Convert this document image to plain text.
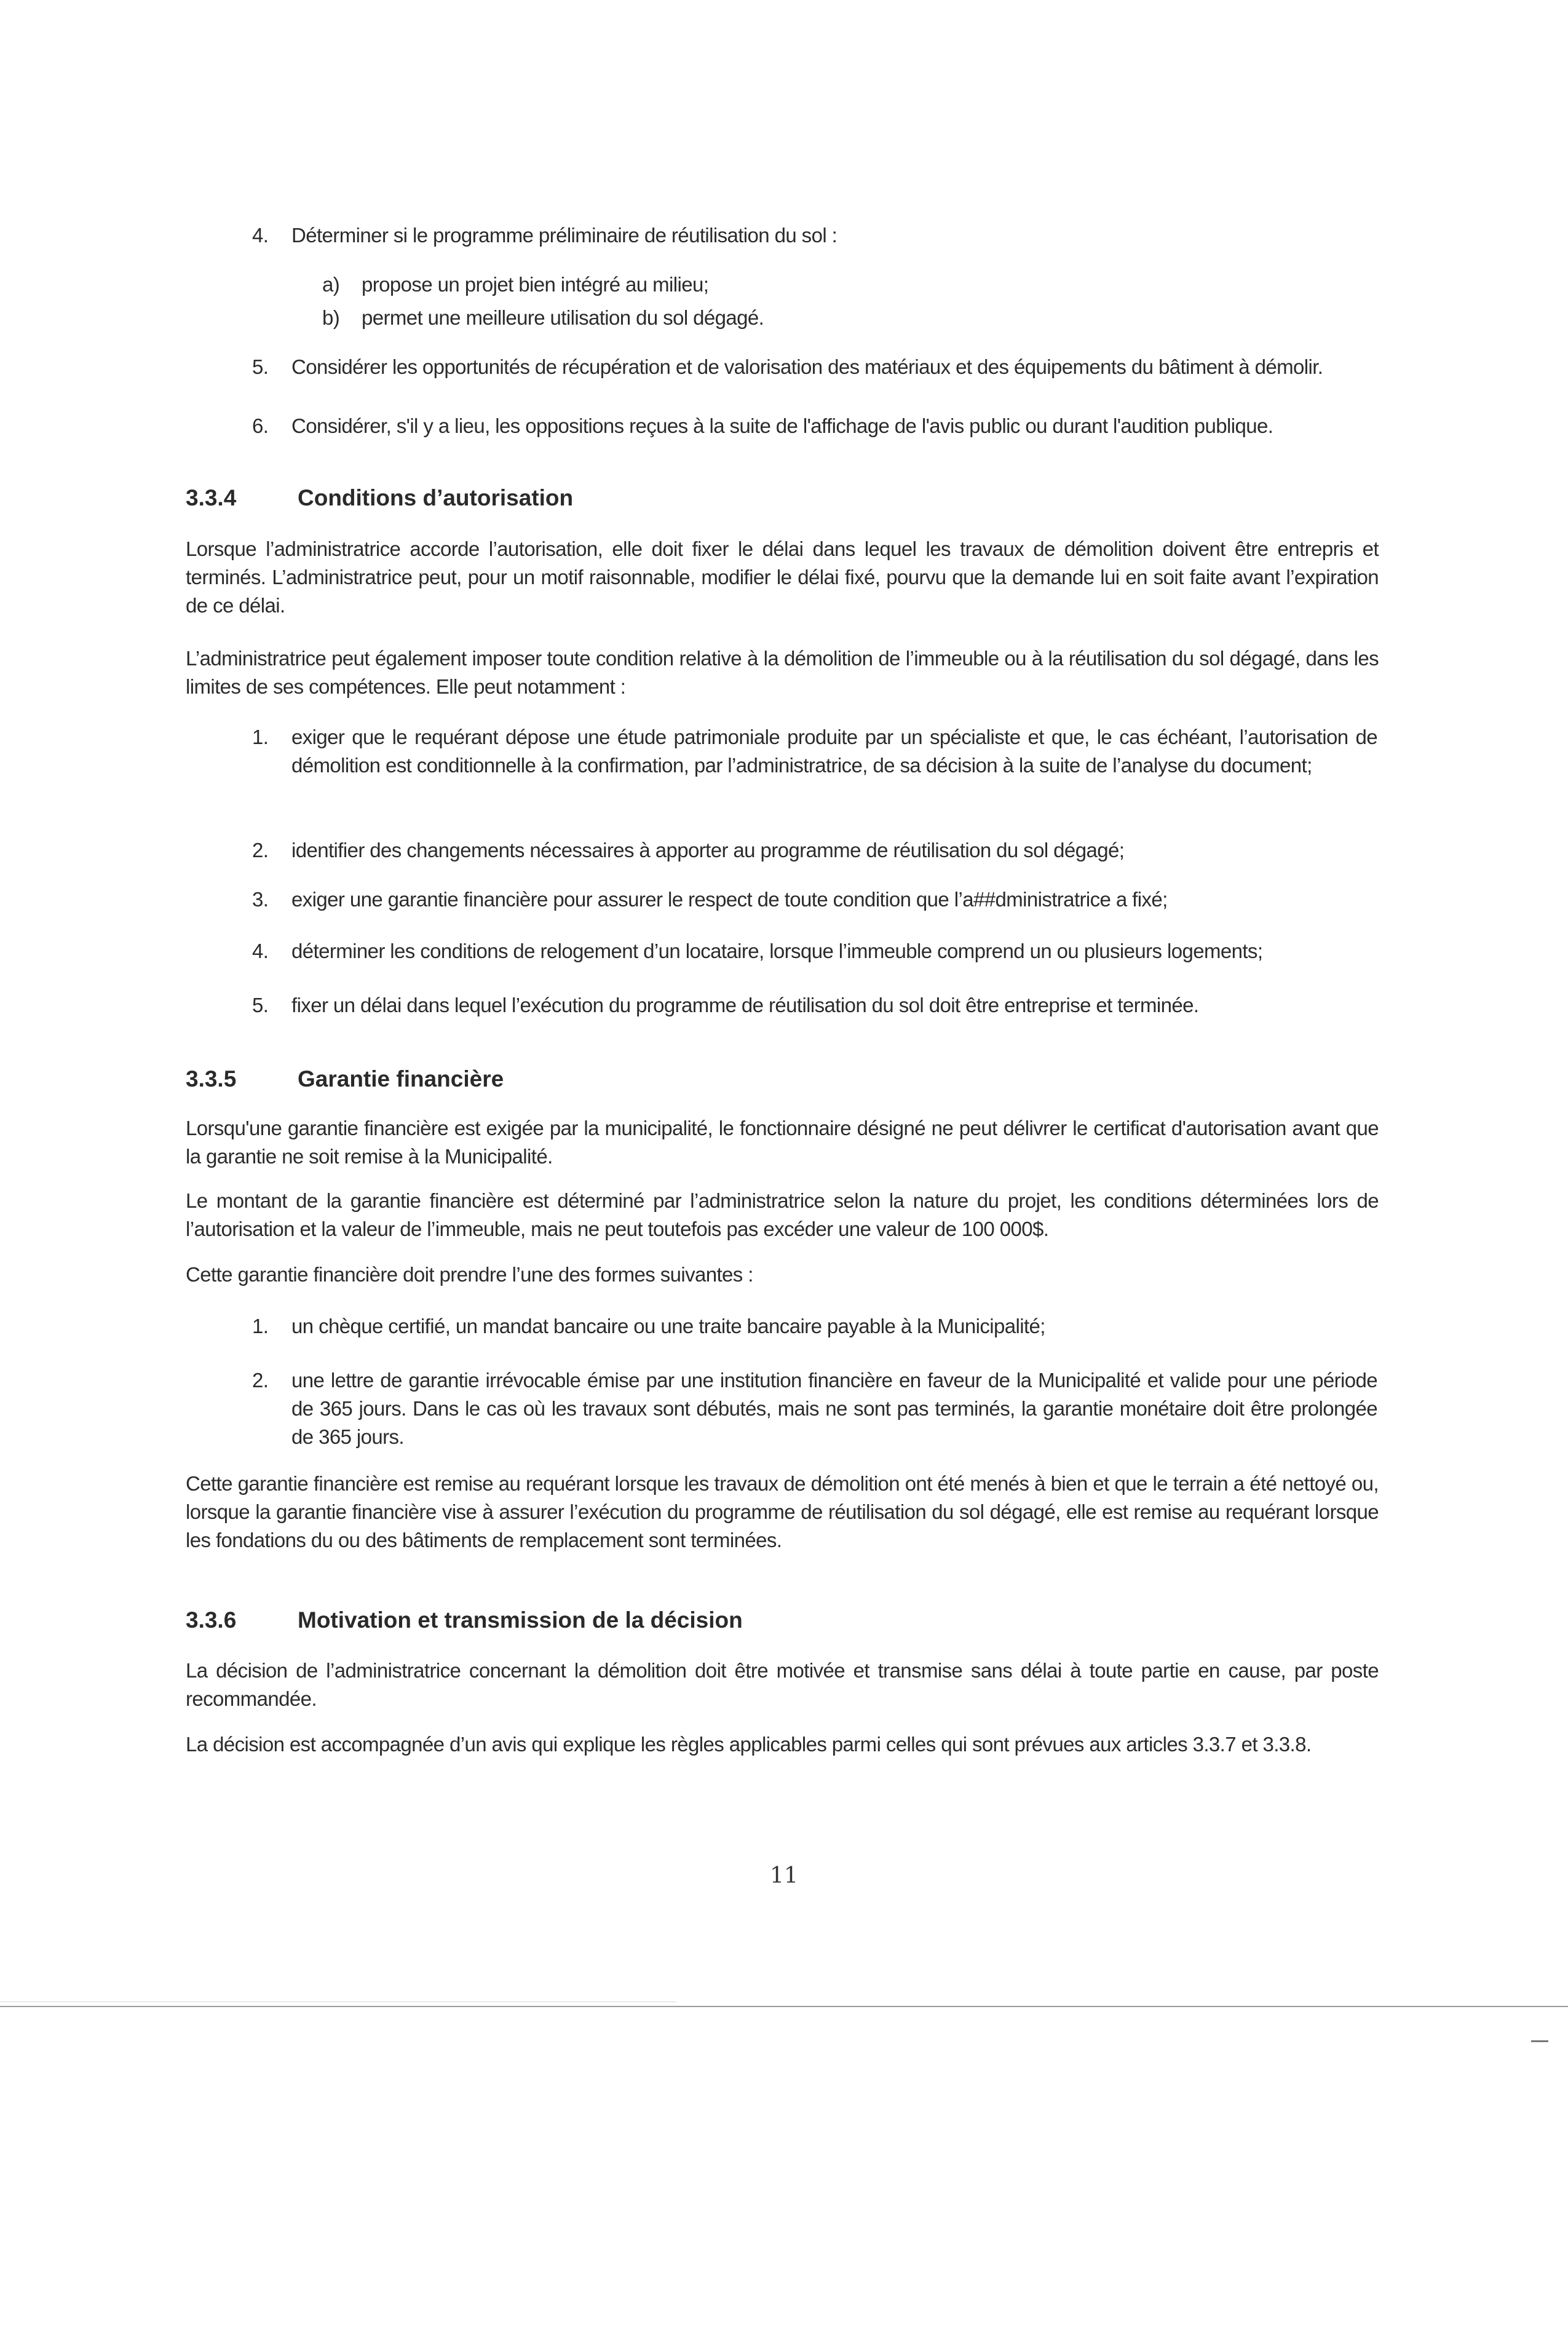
4.	Déterminer si le programme préliminaire de réutilisation du sol :
a)	propose un projet bien intégré au milieu;
b)	permet une meilleure utilisation du sol dégagé.
5.	Considérer les opportunités de récupération et de valorisation des matériaux et des équipements du bâtiment à démolir.
6.	Considérer, s'il y a lieu, les oppositions reçues à la suite de l'affichage de l'avis public ou durant l'audition publique.
3.3.4	Conditions d’autorisation
Lorsque l’administratrice accorde l’autorisation, elle doit fixer le délai dans lequel les travaux de démolition doivent être entrepris et terminés. L’administratrice peut, pour un motif raisonnable, modifier le délai fixé, pourvu que la demande lui en soit faite avant l’expiration de ce délai.
L’administratrice peut également imposer toute condition relative à la démolition de l’immeuble ou à la réutilisation du sol dégagé, dans les limites de ses compétences. Elle peut notamment :
1.	exiger que le requérant dépose une étude patrimoniale produite par un spécialiste et que, le cas échéant, l’autorisation de démolition est conditionnelle à la confirmation, par l’administratrice, de sa décision à la suite de l’analyse du document;
2.	identifier des changements nécessaires à apporter au programme de réutilisation du sol dégagé;
3.	exiger une garantie financière pour assurer le respect de toute condition que l’a##dministratrice a fixé;
4.	déterminer les conditions de relogement d’un locataire, lorsque l’immeuble comprend un ou plusieurs logements;
5.	fixer un délai dans lequel l’exécution du programme de réutilisation du sol doit être entreprise et terminée.
3.3.5	Garantie financière
Lorsqu'une garantie financière est exigée par la municipalité, le fonctionnaire désigné ne peut délivrer le certificat d'autorisation avant que la garantie ne soit remise à la Municipalité.
Le montant de la garantie financière est déterminé par l’administratrice selon la nature du projet, les conditions déterminées lors de l’autorisation et la valeur de l’immeuble, mais ne peut toutefois pas excéder une valeur de 100 000$.
Cette garantie financière doit prendre l’une des formes suivantes :
1.	un chèque certifié, un mandat bancaire ou une traite bancaire payable à la Municipalité;
2.	une lettre de garantie irrévocable émise par une institution financière en faveur de la Municipalité et valide pour une période de 365 jours. Dans le cas où les travaux sont débutés, mais ne sont pas terminés, la garantie monétaire doit être prolongée de 365 jours.
Cette garantie financière est remise au requérant lorsque les travaux de démolition ont été menés à bien et que le terrain a été nettoyé ou, lorsque la garantie financière vise à assurer l’exécution du programme de réutilisation du sol dégagé, elle est remise au requérant lorsque les fondations du ou des bâtiments de remplacement sont terminées.
3.3.6	Motivation et transmission de la décision
La décision de l’administratrice concernant la démolition doit être motivée et transmise sans délai à toute partie en cause, par poste recommandée.
La décision est accompagnée d’un avis qui explique les règles applicables parmi celles qui sont prévues aux articles 3.3.7 et 3.3.8.
11
